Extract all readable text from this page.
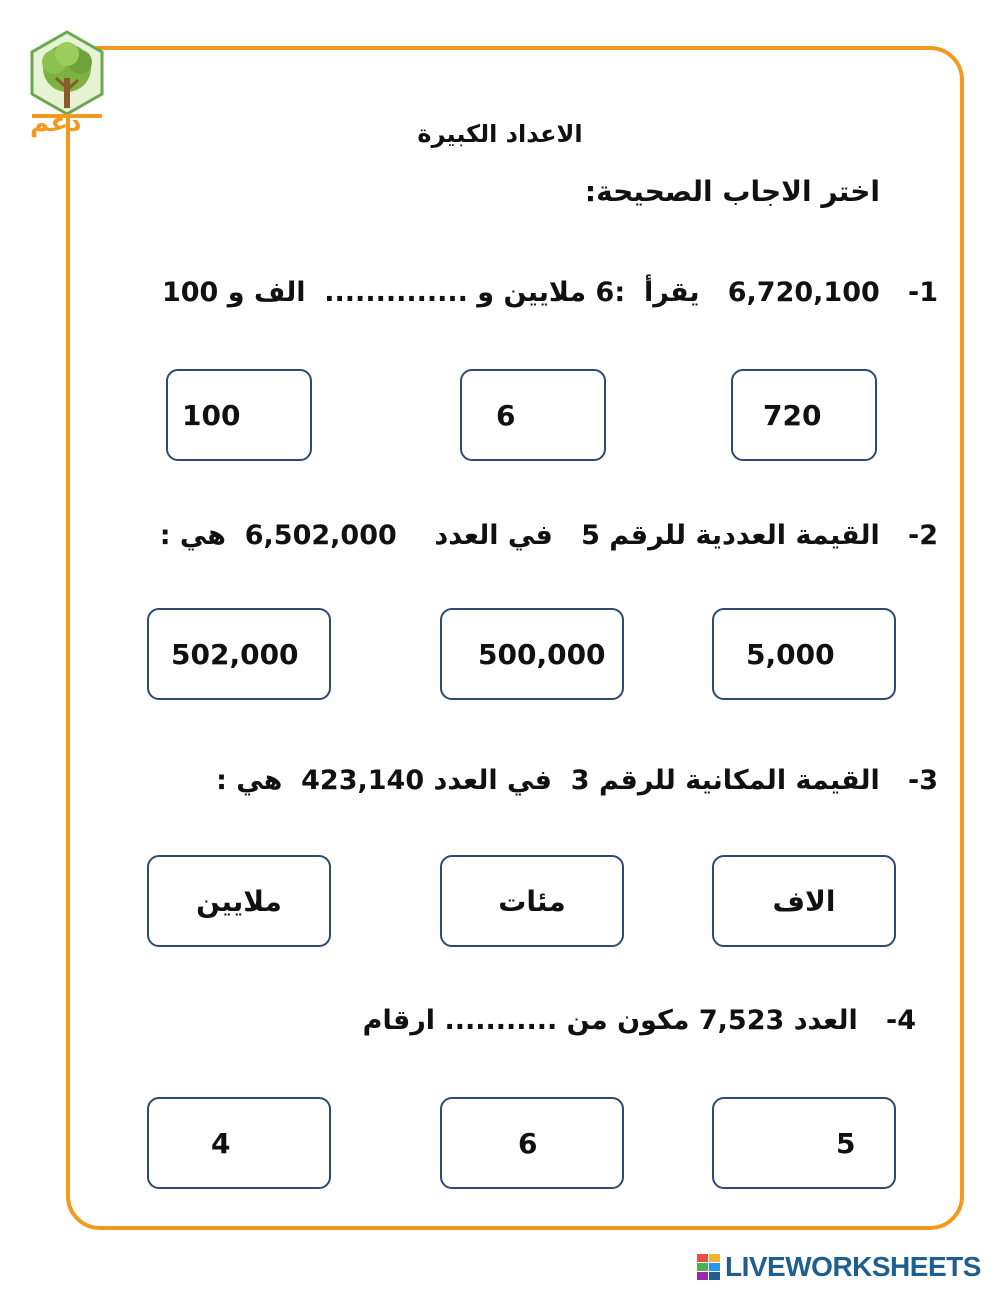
دعم	الاعداد الكبيرة
اختر الاجاب الصحيحة:
1-   6,720,100   يقرأ  :6 ملايين و ..............  الف و 100
100	6	720
2-   القيمة العددية للرقم 5   في العدد    6,502,000  هي :
502,000	500,000	5,000
3-   القيمة المكانية للرقم 3  في العدد 423,140  هي :
ملايين	مئات	الاف
4-   العدد 7,523 مكون من ........... ارقام
4	6	5
LIVEWORKSHEETS
